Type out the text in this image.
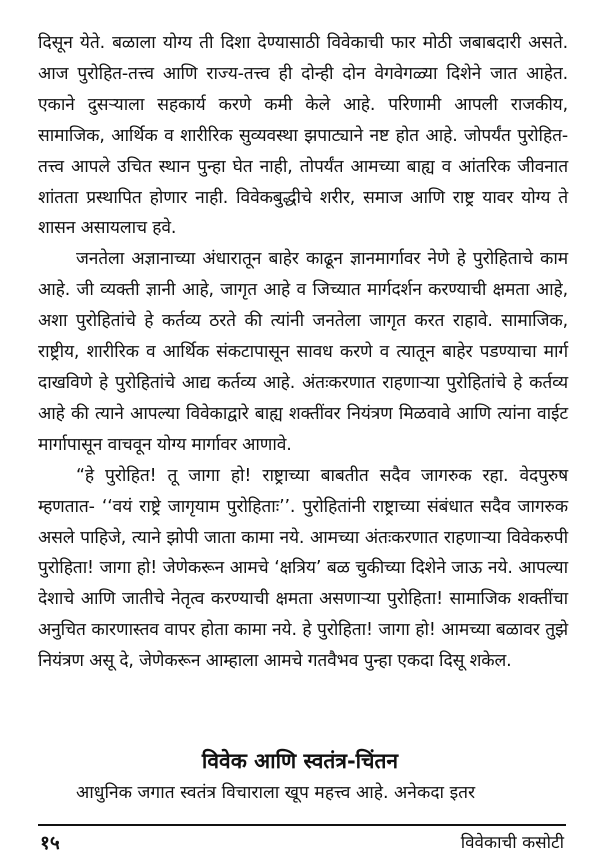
दिसून येते. बळाला योग्य ती दिशा देण्यासाठी विवेकाची फार मोठी जबाबदारी असते. आज पुरोहित-तत्त्व आणि राज्य-तत्त्व ही दोन्ही दोन वेगवेगळ्या दिशेने जात आहेत. एकाने दुसऱ्याला सहकार्य करणे कमी केले आहे. परिणामी आपली राजकीय, सामाजिक, आर्थिक व शारीरिक सुव्यवस्था झपाट्याने नष्ट होत आहे. जोपर्यंत पुरोहित-तत्त्व आपले उचित स्थान पुन्हा घेत नाही, तोपर्यंत आमच्या बाह्य व आंतरिक जीवनात शांतता प्रस्थापित होणार नाही. विवेकबुद्धीचे शरीर, समाज आणि राष्ट्र यावर योग्य ते शासन असायलाच हवे.

जनतेला अज्ञानाच्या अंधारातून बाहेर काढून ज्ञानमार्गावर नेणे हे पुरोहिताचे काम आहे. जी व्यक्ती ज्ञानी आहे, जागृत आहे व जिच्यात मार्गदर्शन करण्याची क्षमता आहे, अशा पुरोहितांचे हे कर्तव्य ठरते की त्यांनी जनतेला जागृत करत राहावे. सामाजिक, राष्ट्रीय, शारीरिक व आर्थिक संकटापासून सावध करणे व त्यातून बाहेर पडण्याचा मार्ग दाखविणे हे पुरोहितांचे आद्य कर्तव्य आहे. अंतःकरणात राहणाऱ्या पुरोहितांचे हे कर्तव्य आहे की त्याने आपल्या विवेकाद्वारे बाह्य शक्तींवर नियंत्रण मिळवावे आणि त्यांना वाईट मार्गापासून वाचवून योग्य मार्गावर आणावे.

“हे पुरोहित! तू जागा हो! राष्ट्राच्या बाबतीत सदैव जागरुक रहा. वेदपुरुष म्हणतात- ‘‘वयं राष्ट्रे जागृयाम पुरोहिताः’’. पुरोहितांनी राष्ट्राच्या संबंधात सदैव जागरुक असले पाहिजे, त्याने झोपी जाता कामा नये. आमच्या अंतःकरणात राहणाऱ्या विवेकरुपी पुरोहिता! जागा हो! जेणेकरून आमचे ‘क्षत्रिय’ बळ चुकीच्या दिशेने जाऊ नये. आपल्या देशाचे आणि जातीचे नेतृत्व करण्याची क्षमता असणाऱ्या पुरोहिता! सामाजिक शक्तींचा अनुचित कारणास्तव वापर होता कामा नये. हे पुरोहिता! जागा हो! आमच्या बळावर तुझे नियंत्रण असू दे, जेणेकरून आम्हाला आमचे गतवैभव पुन्हा एकदा दिसू शकेल.

विवेक आणि स्वतंत्र-चिंतन

आधुनिक जगात स्वतंत्र विचाराला खूप महत्त्व आहे. अनेकदा इतर

१५	विवेकाची कसोटी
